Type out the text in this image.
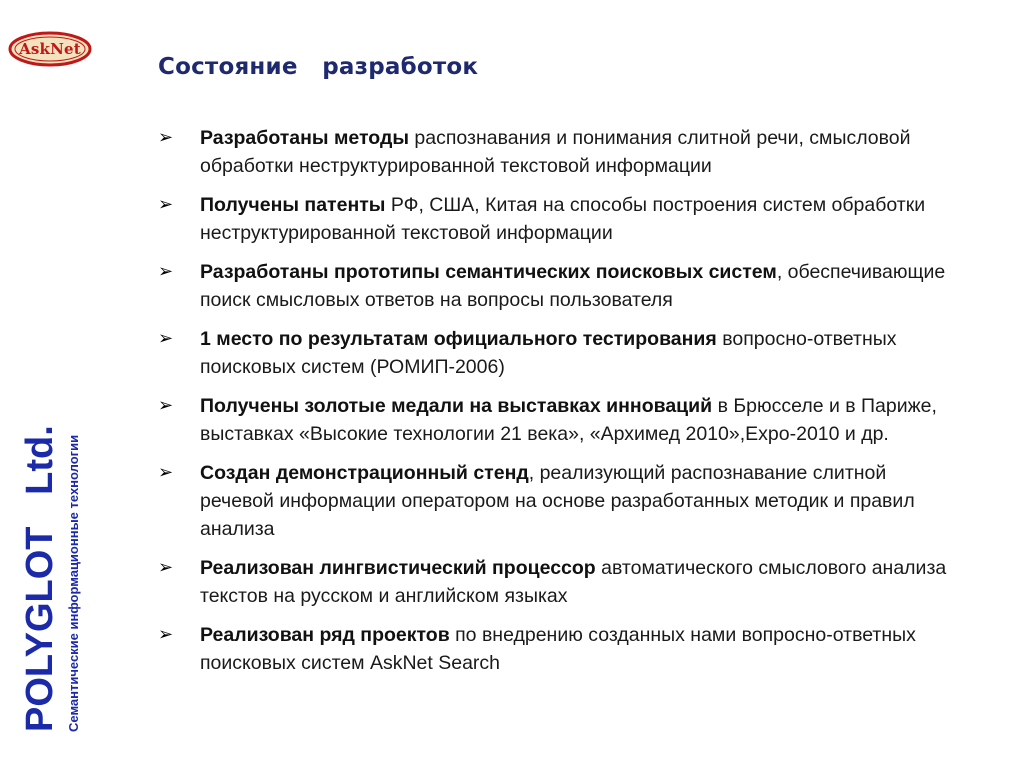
AskNet
Состояние   разработок
POLYGLOT   Ltd. Семантические информационные технологии
➢	Разработаны методы распознавания и понимания слитной речи, смысловой обработки неструктурированной текстовой информации
➢	Получены патенты РФ, США, Китая на способы построения систем обработки неструктурированной текстовой информации
➢	Разработаны прототипы семантических поисковых систем, обеспечивающие поиск смысловых ответов на вопросы пользователя
➢	1 место по результатам официального тестирования вопросно-ответных поисковых систем (РОМИП-2006)
➢	Получены золотые медали на выставках инноваций в Брюсселе и в Париже, выставках «Высокие технологии 21 века», «Архимед 2010»,Expo-2010 и др.
➢	Создан демонстрационный стенд, реализующий распознавание слитной речевой информации оператором на основе разработанных методик и правил анализа
➢	Реализован лингвистический процессор автоматического смыслового анализа текстов на русском и английском языках
➢	Реализован ряд проектов по внедрению созданных нами вопросно-ответных поисковых систем AskNet Search
